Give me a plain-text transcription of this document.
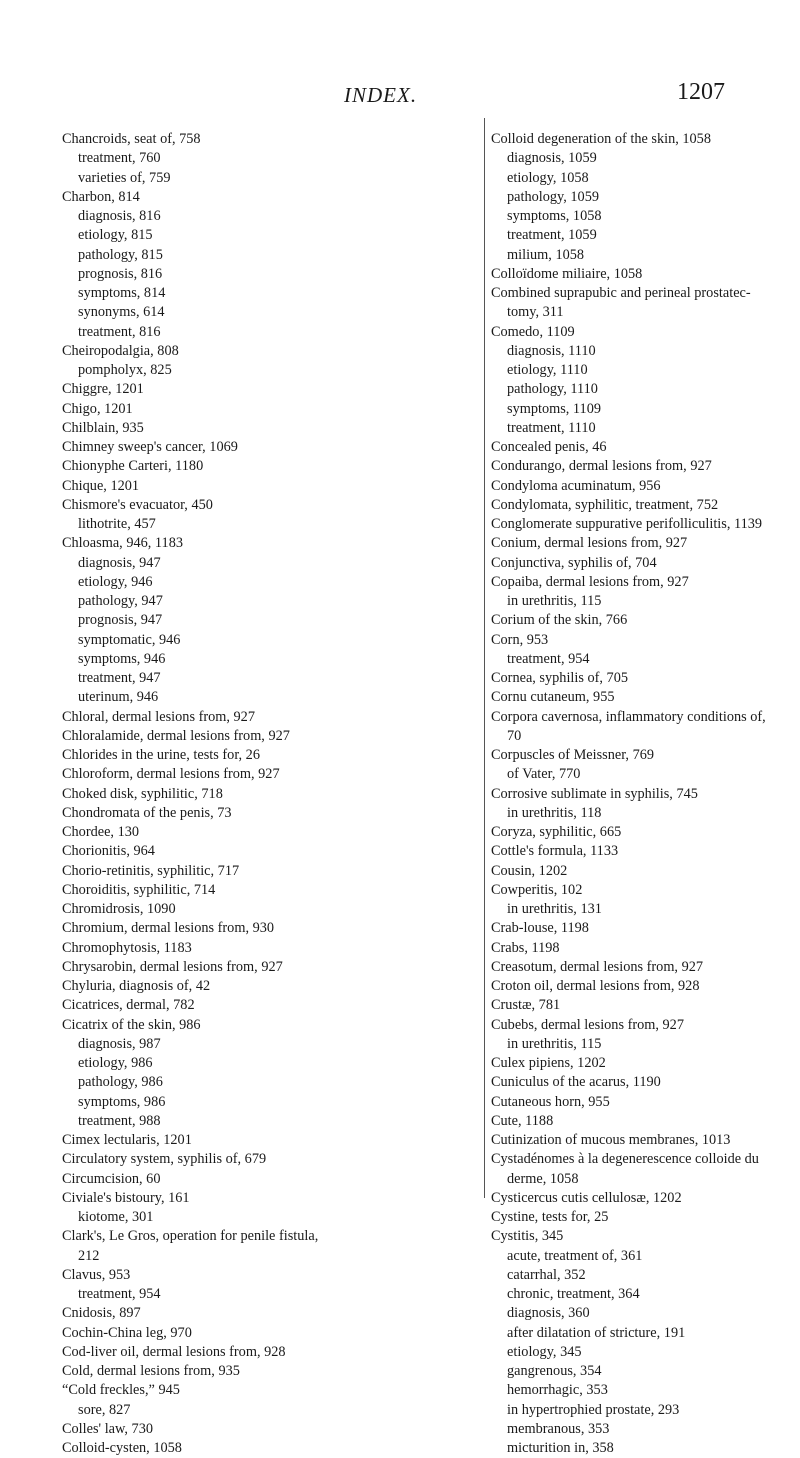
INDEX.	1207
Chancroids, seat of, 758
treatment, 760
varieties of, 759
Charbon, 814
diagnosis, 816
etiology, 815
pathology, 815
prognosis, 816
symptoms, 814
synonyms, 614
treatment, 816
Cheiropodalgia, 808
pompholyx, 825
Chiggre, 1201
Chigo, 1201
Chilblain, 935
Chimney sweep's cancer, 1069
Chionyphe Carteri, 1180
Chique, 1201
Chismore's evacuator, 450
lithotrite, 457
Chloasma, 946, 1183
diagnosis, 947
etiology, 946
pathology, 947
prognosis, 947
symptomatic, 946
symptoms, 946
treatment, 947
uterinum, 946
Chloral, dermal lesions from, 927
Chloralamide, dermal lesions from, 927
Chlorides in the urine, tests for, 26
Chloroform, dermal lesions from, 927
Choked disk, syphilitic, 718
Chondromata of the penis, 73
Chordee, 130
Chorionitis, 964
Chorio-retinitis, syphilitic, 717
Choroiditis, syphilitic, 714
Chromidrosis, 1090
Chromium, dermal lesions from, 930
Chromophytosis, 1183
Chrysarobin, dermal lesions from, 927
Chyluria, diagnosis of, 42
Cicatrices, dermal, 782
Cicatrix of the skin, 986
diagnosis, 987
etiology, 986
pathology, 986
symptoms, 986
treatment, 988
Cimex lectularis, 1201
Circulatory system, syphilis of, 679
Circumcision, 60
Civiale's bistoury, 161
kiotome, 301
Clark's, Le Gros, operation for penile fistula,
212
Clavus, 953
treatment, 954
Cnidosis, 897
Cochin-China leg, 970
Cod-liver oil, dermal lesions from, 928
Cold, dermal lesions from, 935
“Cold freckles,” 945
sore, 827
Colles' law, 730
Colloid-cysten, 1058
Colloid degeneration of the skin, 1058
diagnosis, 1059
etiology, 1058
pathology, 1059
symptoms, 1058
treatment, 1059
milium, 1058
Colloïdome miliaire, 1058
Combined suprapubic and perineal prostatec-
tomy, 311
Comedo, 1109
diagnosis, 1110
etiology, 1110
pathology, 1110
symptoms, 1109
treatment, 1110
Concealed penis, 46
Condurango, dermal lesions from, 927
Condyloma acuminatum, 956
Condylomata, syphilitic, treatment, 752
Conglomerate suppurative perifolliculitis, 1139
Conium, dermal lesions from, 927
Conjunctiva, syphilis of, 704
Copaiba, dermal lesions from, 927
in urethritis, 115
Corium of the skin, 766
Corn, 953
treatment, 954
Cornea, syphilis of, 705
Cornu cutaneum, 955
Corpora cavernosa, inflammatory conditions of,
70
Corpuscles of Meissner, 769
of Vater, 770
Corrosive sublimate in syphilis, 745
in urethritis, 118
Coryza, syphilitic, 665
Cottle's formula, 1133
Cousin, 1202
Cowperitis, 102
in urethritis, 131
Crab-louse, 1198
Crabs, 1198
Creasotum, dermal lesions from, 927
Croton oil, dermal lesions from, 928
Crustæ, 781
Cubebs, dermal lesions from, 927
in urethritis, 115
Culex pipiens, 1202
Cuniculus of the acarus, 1190
Cutaneous horn, 955
Cute, 1188
Cutinization of mucous membranes, 1013
Cystadénomes à la degenerescence colloide du
derme, 1058
Cysticercus cutis cellulosæ, 1202
Cystine, tests for, 25
Cystitis, 345
acute, treatment of, 361
catarrhal, 352
chronic, treatment, 364
diagnosis, 360
after dilatation of stricture, 191
etiology, 345
gangrenous, 354
hemorrhagic, 353
in hypertrophied prostate, 293
membranous, 353
micturition in, 358
